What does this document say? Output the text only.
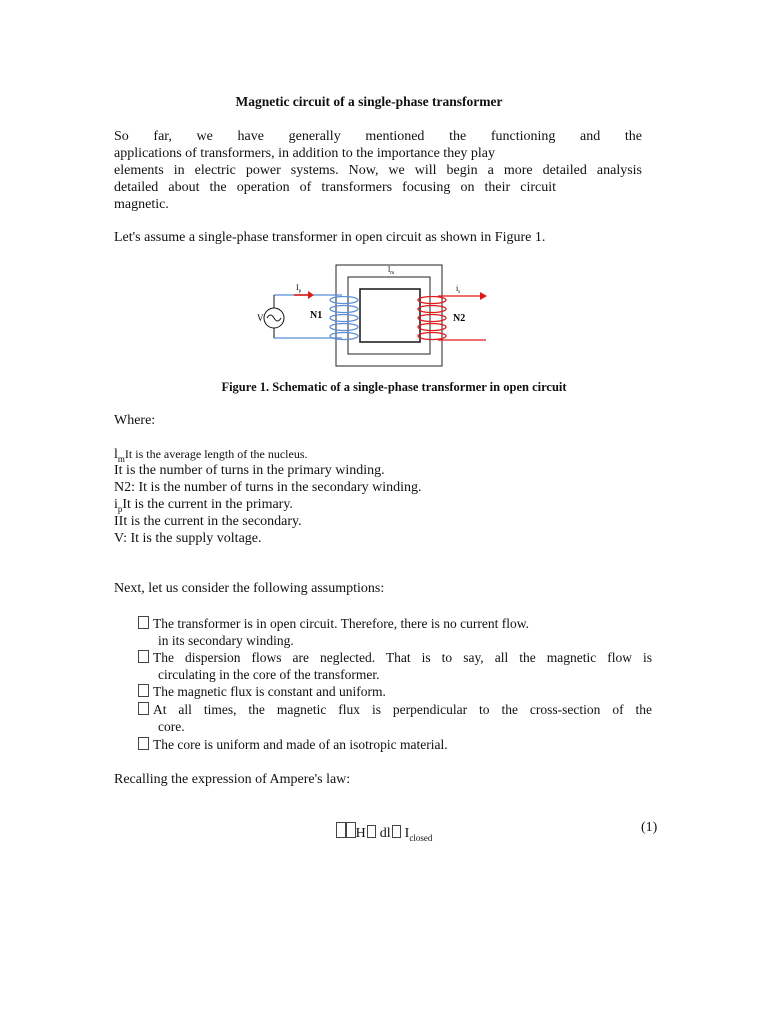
Magnetic circuit of a single-phase transformer
So far, we have generally mentioned the functioning and the
applications of transformers, in addition to the importance they play
elements in electric power systems. Now, we will begin a more detailed analysis
detailed about the operation of transformers focusing on their circuit
magnetic.
Let's assume a single-phase transformer in open circuit as shown in Figure 1.
$l_m$
$I_p$
V	N1
$i_s$
N2
Figure 1. Schematic of a single-phase transformer in open circuit
Where:
$l_mIt$ is the average length of the nucleus.
It is the number of turns in the primary winding.
N2: It is the number of turns in the secondary winding.
$i_pIt$ is the current in the primary.
IIt is the current in the secondary.
V: It is the supply voltage.
Next, let us consider the following assumptions:
The transformer is in open circuit. Therefore, there is no current flow.
in its secondary winding.
The dispersion flows are neglected. That is to say, all the magnetic flow is
circulating in the core of the transformer.
The magnetic flux is constant and uniform.
At all times, the magnetic flux is perpendicular to the cross-section of the
core.
The core is uniform and made of an isotropic material.
Recalling the expression of Ampere's law:
H dl $I_{closed}$
(1)
